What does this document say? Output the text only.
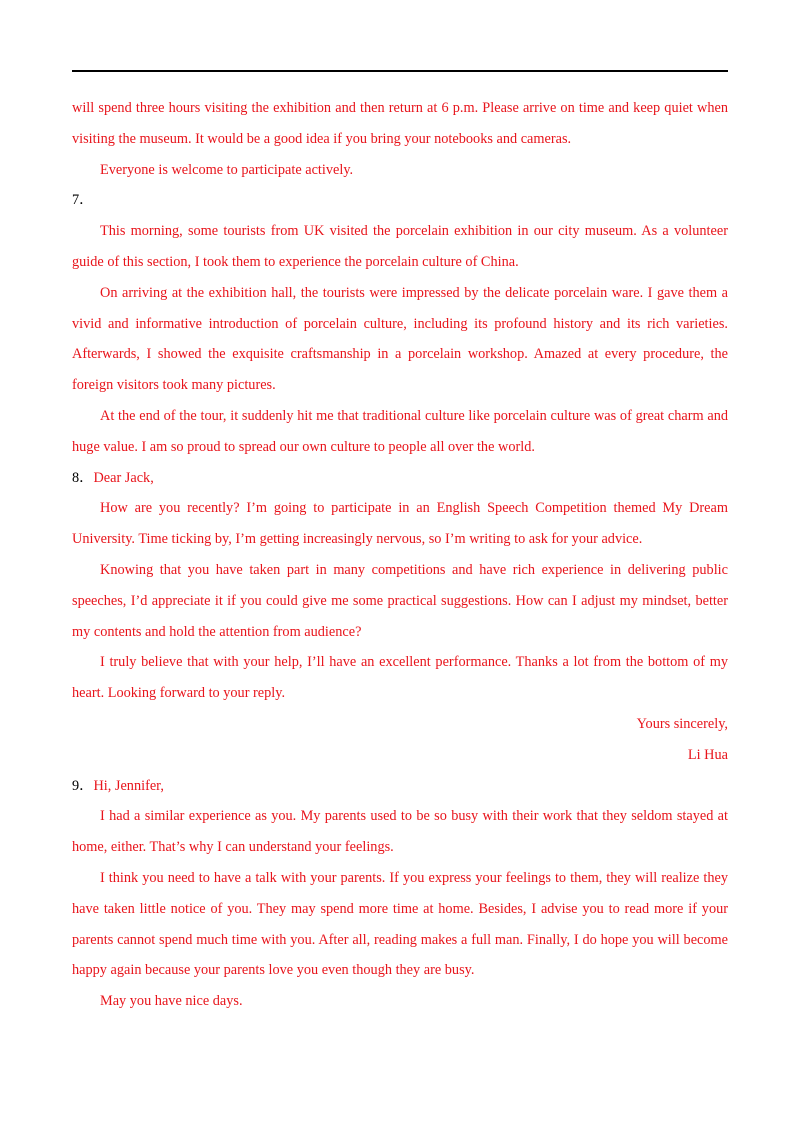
will spend three hours visiting the exhibition and then return at 6 p.m. Please arrive on time and keep quiet when visiting the museum. It would be a good idea if you bring your notebooks and cameras.

Everyone is welcome to participate actively.

7．

This morning, some tourists from UK visited the porcelain exhibition in our city museum. As a volunteer guide of this section, I took them to experience the porcelain culture of China.

On arriving at the exhibition hall, the tourists were impressed by the delicate porcelain ware. I gave them a vivid and informative introduction of porcelain culture, including its profound history and its rich varieties. Afterwards, I showed the exquisite craftsmanship in a porcelain workshop. Amazed at every procedure, the foreign visitors took many pictures.

At the end of the tour, it suddenly hit me that traditional culture like porcelain culture was of great charm and huge value. I am so proud to spread our own culture to people all over the world.

8．Dear Jack,

How are you recently? I’m going to participate in an English Speech Competition themed My Dream University. Time ticking by, I’m getting increasingly nervous, so I’m writing to ask for your advice.

Knowing that you have taken part in many competitions and have rich experience in delivering public speeches, I’d appreciate it if you could give me some practical suggestions. How can I adjust my mindset, better my contents and hold the attention from audience?

I truly believe that with your help, I’ll have an excellent performance. Thanks a lot from the bottom of my heart. Looking forward to your reply.

Yours sincerely,

Li Hua

9．Hi, Jennifer,

I had a similar experience as you. My parents used to be so busy with their work that they seldom stayed at home, either. That’s why I can understand your feelings.

I think you need to have a talk with your parents. If you express your feelings to them, they will realize they have taken little notice of you. They may spend more time at home. Besides, I advise you to read more if your parents cannot spend much time with you. After all, reading makes a full man. Finally, I do hope you will become happy again because your parents love you even though they are busy.

May you have nice days.
